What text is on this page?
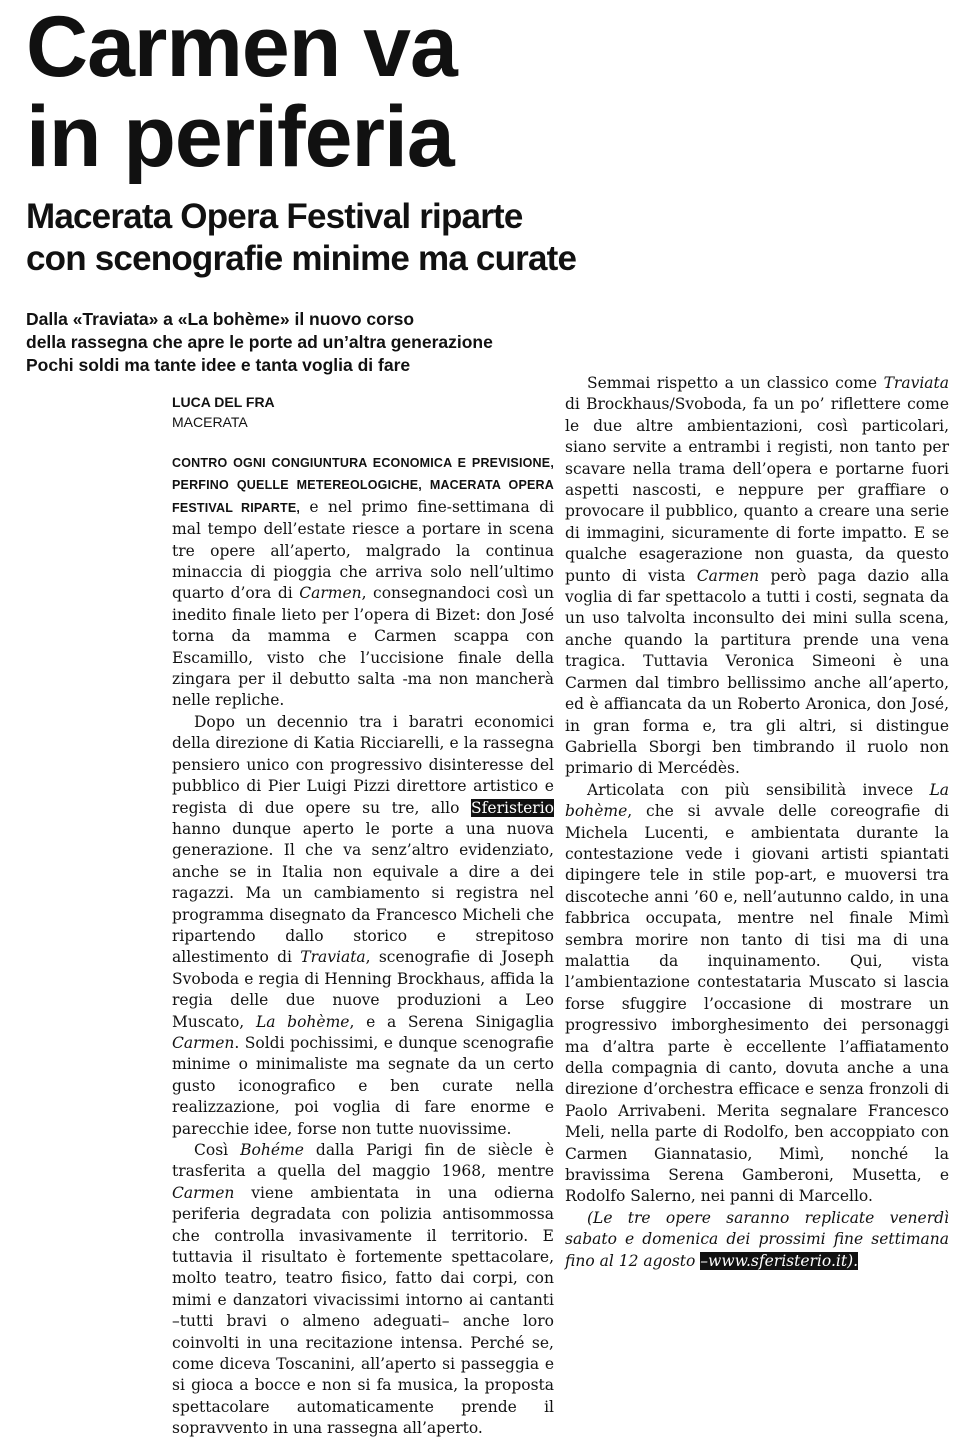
Carmen va
in periferia
Macerata Opera Festival riparte
con scenografie minime ma curate
Dalla «Traviata» a «La bohème» il nuovo corso
della rassegna che apre le porte ad un’altra generazione
Pochi soldi ma tante idee e tanta voglia di fare
LUCA DEL FRA
MACERATA

CONTRO OGNI CONGIUNTURA ECONOMICA E PREVISIONE, PERFINO QUELLE METEREOLOGICHE, MACERATA OPERA FESTIVAL RIPARTE, e nel primo fine-settimana di mal tempo dell’estate riesce a portare in scena tre opere all’aperto, malgrado la continua minaccia di pioggia che arriva solo nell’ultimo quarto d’ora di Carmen, consegnandoci così un inedito finale lieto per l’opera di Bizet: don José torna da mamma e Carmen scappa con Escamillo, visto che l’uccisione finale della zingara per il debutto salta -ma non mancherà nelle repliche.

Dopo un decennio tra i baratri economici della direzione di Katia Ricciarelli, e la rassegna pensiero unico con progressivo disinteresse del pubblico di Pier Luigi Pizzi direttore artistico e regista di due opere su tre, allo Sferisterio hanno dunque aperto le porte a una nuova generazione. Il che va senz’altro evidenziato, anche se in Italia non equivale a dire a dei ragazzi. Ma un cambiamento si registra nel programma disegnato da Francesco Micheli che ripartendo dallo storico e strepitoso allestimento di Traviata, scenografie di Joseph Svoboda e regia di Henning Brockhaus, affida la regia delle due nuove produzioni a Leo Muscato, La bohème, e a Serena Sinigaglia Carmen. Soldi pochissimi, e dunque scenografie minime o minimaliste ma segnate da un certo gusto iconografico e ben curate nella realizzazione, poi voglia di fare enorme e parecchie idee, forse non tutte nuovissime.

Così Bohéme dalla Parigi fin de siècle è trasferita a quella del maggio 1968, mentre Carmen viene ambientata in una odierna periferia degradata con polizia antisommossa che controlla invasivamente il territorio. E tuttavia il risultato è fortemente spettacolare, molto teatro, teatro fisico, fatto dai corpi, con mimi e danzatori vivacissimi intorno ai cantanti –tutti bravi o almeno adeguati– anche loro coinvolti in una recitazione intensa. Perché se, come diceva Toscanini, all’aperto si passeggia e si gioca a bocce e non si fa musica, la proposta spettacolare automaticamente prende il sopravvento in una rassegna all’aperto.

Semmai rispetto a un classico come Traviata di Brockhaus/Svoboda, fa un po’ riflettere come le due altre ambientazioni, così particolari, siano servite a entrambi i registi, non tanto per scavare nella trama dell’opera e portarne fuori aspetti nascosti, e neppure per graffiare o provocare il pubblico, quanto a creare una serie di immagini, sicuramente di forte impatto. E se qualche esagerazione non guasta, da questo punto di vista Carmen però paga dazio alla voglia di far spettacolo a tutti i costi, segnata da un uso talvolta inconsulto dei mini sulla scena, anche quando la partitura prende una vena tragica. Tuttavia Veronica Simeoni è una Carmen dal timbro bellissimo anche all’aperto, ed è affiancata da un Roberto Aronica, don José, in gran forma e, tra gli altri, si distingue Gabriella Sborgi ben timbrando il ruolo non primario di Mercédès.

Articolata con più sensibilità invece La bohème, che si avvale delle coreografie di Michela Lucenti, e ambientata durante la contestazione vede i giovani artisti spiantati dipingere tele in stile pop-art, e muoversi tra discoteche anni ’60 e, nell’autunno caldo, in una fabbrica occupata, mentre nel finale Mimì sembra morire non tanto di tisi ma di una malattia da inquinamento. Qui, vista l’ambientazione contestataria Muscato si lascia forse sfuggire l’occasione di mostrare un progressivo imborghesimento dei personaggi ma d’altra parte è eccellente l’affiatamento della compagnia di canto, dovuta anche a una direzione d’orchestra efficace e senza fronzoli di Paolo Arrivabeni. Merita segnalare Francesco Meli, nella parte di Rodolfo, ben accoppiato con Carmen Giannatasio, Mimì, nonché la bravissima Serena Gamberoni, Musetta, e Rodolfo Salerno, nei panni di Marcello.

(Le tre opere saranno replicate venerdì sabato e domenica dei prossimi fine settimana fino al 12 agosto –www.sferisterio.it).
